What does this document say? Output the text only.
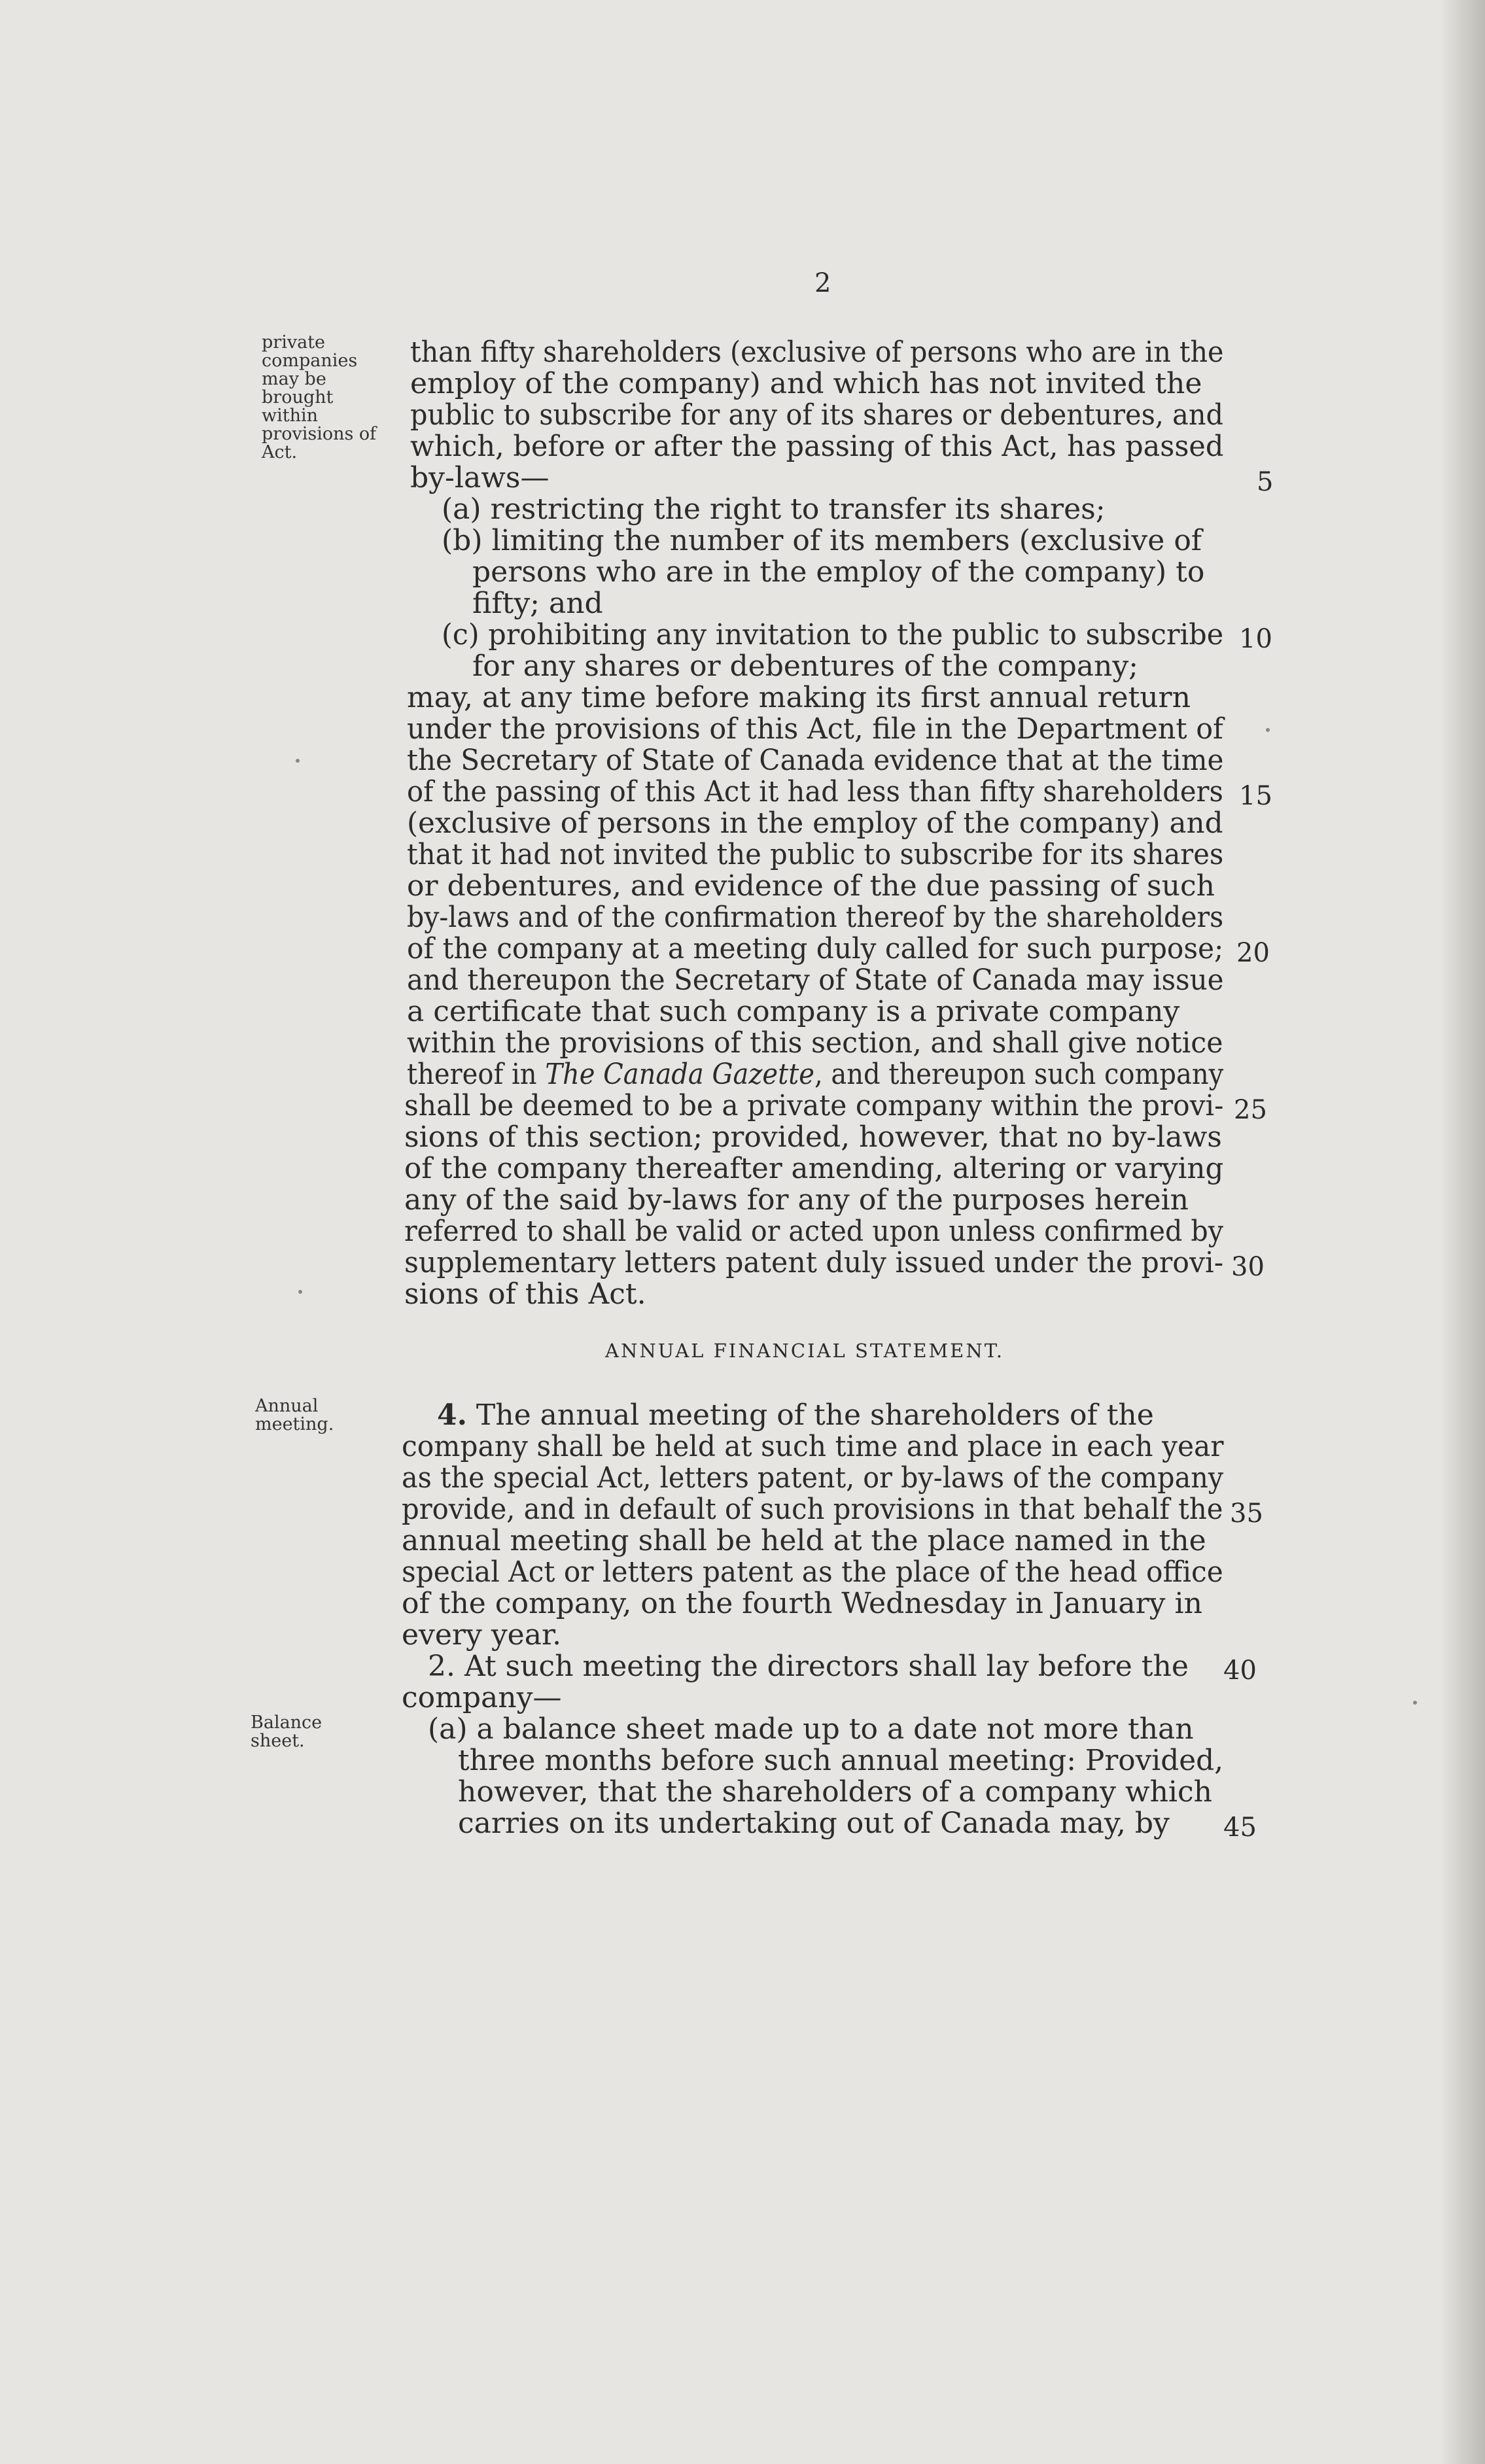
2
private
companies
may be
brought
within
provisions of
Act.
Annual
meeting.
Balance
sheet.
than fifty shareholders (exclusive of persons who are in the
employ of the company) and which has not invited the
public to subscribe for any of its shares or debentures, and
which, before or after the passing of this Act, has passed
by-laws—
(a) restricting the right to transfer its shares;
(b) limiting the number of its members (exclusive of
persons who are in the employ of the company) to
fifty; and
(c) prohibiting any invitation to the public to subscribe
for any shares or debentures of the company;
may, at any time before making its first annual return
under the provisions of this Act, file in the Department of
the Secretary of State of Canada evidence that at the time
of the passing of this Act it had less than fifty shareholders
(exclusive of persons in the employ of the company) and
that it had not invited the public to subscribe for its shares
or debentures, and evidence of the due passing of such
by-laws and of the confirmation thereof by the shareholders
of the company at a meeting duly called for such purpose;
and thereupon the Secretary of State of Canada may issue
a certificate that such company is a private company
within the provisions of this section, and shall give notice
thereof in The Canada Gazette, and thereupon such company
shall be deemed to be a private company within the provi-
sions of this section; provided, however, that no by-laws
of the company thereafter amending, altering or varying
any of the said by-laws for any of the purposes herein
referred to shall be valid or acted upon unless confirmed by
supplementary letters patent duly issued under the provi-
sions of this Act.
ANNUAL FINANCIAL STATEMENT.
4. The annual meeting of the shareholders of the
company shall be held at such time and place in each year
as the special Act, letters patent, or by-laws of the company
provide, and in default of such provisions in that behalf the
annual meeting shall be held at the place named in the
special Act or letters patent as the place of the head office
of the company, on the fourth Wednesday in January in
every year.
2. At such meeting the directors shall lay before the
company—
(a) a balance sheet made up to a date not more than
three months before such annual meeting: Provided,
however, that the shareholders of a company which
carries on its undertaking out of Canada may, by
5
10
15
20
25
30
35
40
45
